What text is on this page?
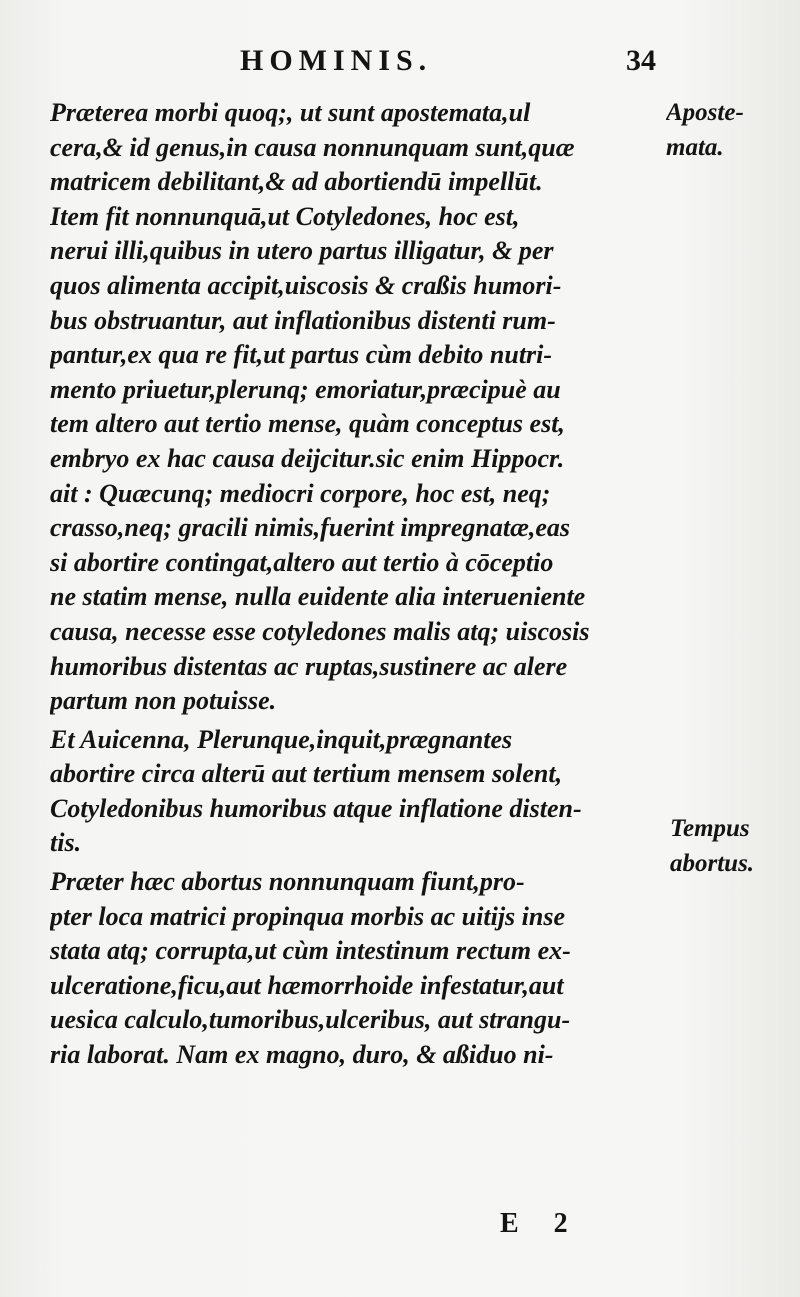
HOMINIS.	34
Præterea morbi quoq;, ut sunt apostemata,ul
cera,& id genus,in causa nonnunquam sunt,quæ
matricem debilitant,& ad abortiendū impellūt.
Item fit nonnunquā,ut Cotyledones, hoc est,
nerui illi,quibus in utero partus illigatur, & per
quos alimenta accipit,uiscosis & craßis humori-
bus obstruantur, aut inflationibus distenti rum-
pantur,ex qua re fit,ut partus cùm debito nutri-
mento priuetur,plerunq; emoriatur,præcipuè au
tem altero aut tertio mense, quàm conceptus est,
embryo ex hac causa deijcitur.sic enim Hippocr.
ait : Quæcunq; mediocri corpore, hoc est, neq;
crasso,neq; gracili nimis,fuerint impregnatæ,eas
si abortire contingat,altero aut tertio à cōceptio
ne statim mense, nulla euidente alia interueniente
causa, necesse esse cotyledones malis atq; uiscosis
humoribus distentas ac ruptas,sustinere ac alere
partum non potuisse.
Et Auicenna, Plerunque,inquit,prægnantes
abortire circa alterū aut tertium mensem solent,
Cotyledonibus humoribus atque inflatione disten-
tis.
Præter hæc abortus nonnunquam fiunt,pro-
pter loca matrici propinqua morbis ac uitijs inse
stata atq; corrupta,ut cùm intestinum rectum ex-
ulceratione,ficu,aut hæmorrhoide infestatur,aut
uesica calculo,tumoribus,ulceribus, aut strangu-
ria laborat. Nam ex magno, duro, & aßiduo ni-
Aposte-
mata.
Tempus
abortus.
E 2
